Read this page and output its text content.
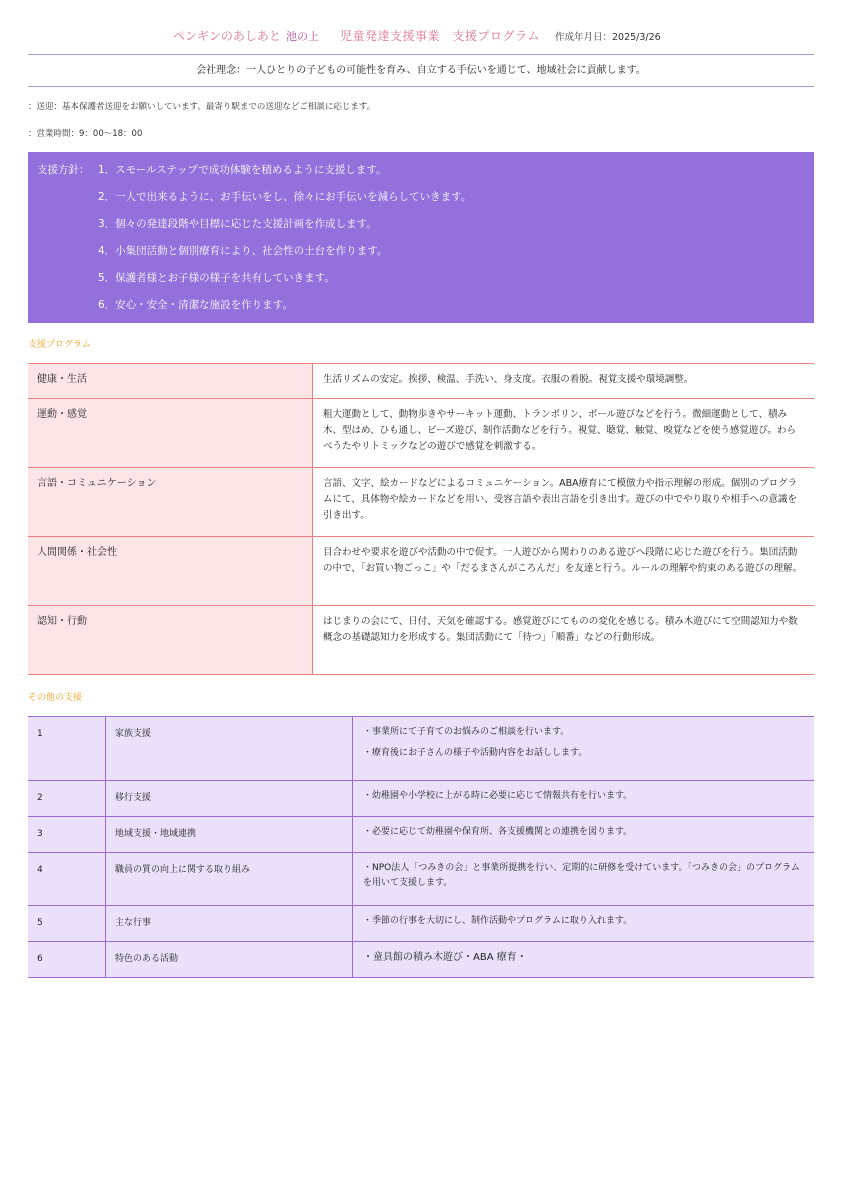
ペンギンのあしあと 池の上 児童発達支援事業　支援プログラム 作成年月日：2025/3/26
会社理念：一人ひとりの子どもの可能性を育み、自立する手伝いを通じて、地域社会に貢献します。
：送迎：基本保護者送迎をお願いしています。最寄り駅までの送迎などご相談に応じます。
：営業時間：9：00〜18：00
支援方針： 1．スモールステップで成功体験を積めるように支援します。
2．一人で出来るように、お手伝いをし、徐々にお手伝いを減らしていきます。
3．個々の発達段階や目標に応じた支援計画を作成します。
4．小集団活動と個別療育により、社会性の土台を作ります。
5．保護者様とお子様の様子を共有していきます。
6．安心・安全・清潔な施設を作ります。
支援プログラム
健康・生活	生活リズムの安定。挨拶、検温、手洗い、身支度。衣服の着脱。視覚支援や環境調整。
運動・感覚	粗大運動として、動物歩きやサーキット運動、トランポリン、ボール遊びなどを行う。微細運動として、積み木、型はめ、ひも通し、ビーズ遊び、制作活動などを行う。視覚、聴覚、触覚、嗅覚などを使う感覚遊び。わらべうたやリトミックなどの遊びで感覚を刺激する。
言語・コミュニケーション	言語、文字、絵カードなどによるコミュニケーション。ABA療育にて模倣力や指示理解の形成。個別のプログラムにて、具体物や絵カードなどを用い、受容言語や表出言語を引き出す。遊びの中でやり取りや相手への意識を引き出す。
人間関係・社会性	目合わせや要求を遊びや活動の中で促す。一人遊びから関わりのある遊びへ段階に応じた遊びを行う。集団活動の中で、「お買い物ごっこ」や「だるまさんがころんだ」を友達と行う。ルールの理解や約束のある遊びの理解。
認知・行動	はじまりの会にて、日付、天気を確認する。感覚遊びにてものの変化を感じる。積み木遊びにて空間認知力や数概念の基礎認知力を形成する。集団活動にて「待つ」「順番」などの行動形成。
その他の支援
1	家族支援	・事業所にて子育てのお悩みのご相談を行います。

・療育後にお子さんの様子や活動内容をお話しします。

2	移行支援	・幼稚園や小学校に上がる時に必要に応じて情報共有を行います。

3	地域支援・地域連携	・必要に応じて幼稚園や保育所、各支援機関との連携を図ります。

4	職員の質の向上に関する取り組み	・NPO法人「つみきの会」と事業所提携を行い、定期的に研修を受けています。「つみきの会」のプログラムを用いて支援します。

5	主な行事	・季節の行事を大切にし、制作活動やプログラムに取り入れます。

6	特色のある活動	・童具館の積み木遊び・ABA 療育・
